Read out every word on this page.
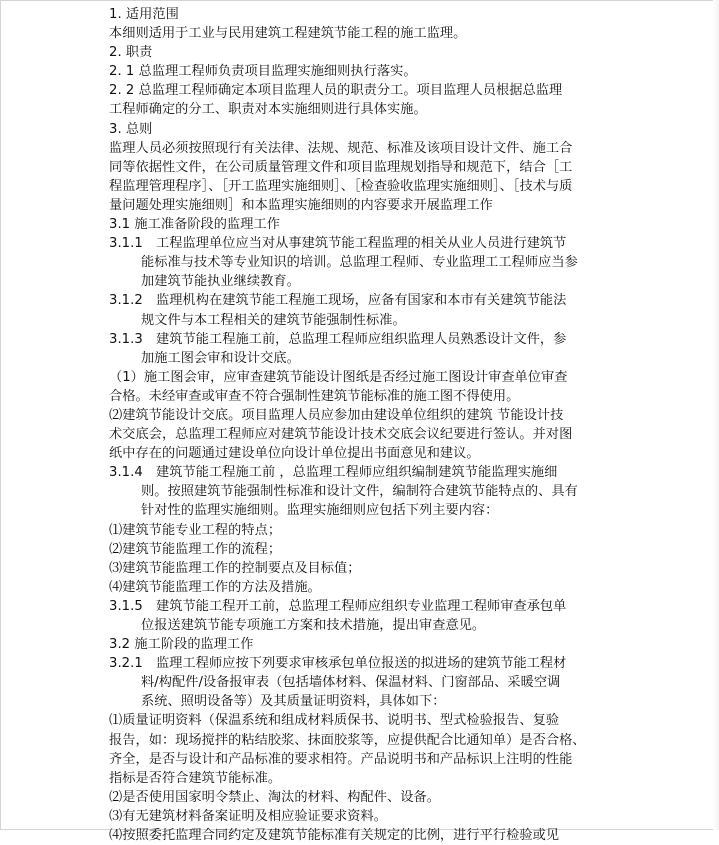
1. 适用范围
本细则适用于工业与民用建筑工程建筑节能工程的施工监理。
2. 职责
2. 1 总监理工程师负责项目监理实施细则执行落实。
2. 2 总监理工程师确定本项目监理人员的职责分工。项目监理人员根据总监理
工程师确定的分工、职责对本实施细则进行具体实施。
3. 总则
监理人员必须按照现行有关法律、法规、规范、标准及该项目设计文件、施工合
同等依据性文件，在公司质量管理文件和项目监理规划指导和规范下，结合［工
程监理管理程序］、［开工监理实施细则］、［检查验收监理实施细则］、［技术与质
量问题处理实施细则］和本监理实施细则的内容要求开展监理工作
3.1 施工准备阶段的监理工作
3.1.1　工程监理单位应当对从事建筑节能工程监理的相关从业人员进行建筑节
能标准与技术等专业知识的培训。总监理工程师、专业监理工工程师应当参
加建筑节能执业继续教育。
3.1.2　监理机构在建筑节能工程施工现场，应备有国家和本市有关建筑节能法
规文件与本工程相关的建筑节能强制性标准。
3.1.3　建筑节能工程施工前，总监理工程师应组织监理人员熟悉设计文件，参
加施工图会审和设计交底。
（1）施工图会审，应审查建筑节能设计图纸是否经过施工图设计审查单位审查
合格。未经审查或审查不符合强制性建筑节能标准的施工图不得使用。
⑵建筑节能设计交底。项目监理人员应参加由建设单位组织的建筑 节能设计技
术交底会，总监理工程师应对建筑节能设计技术交底会议纪要进行签认。并对图
纸中存在的问题通过建设单位向设计单位提出书面意见和建议。
3.1.4　建筑节能工程施工前 ，总监理工程师应组织编制建筑节能监理实施细
则。按照建筑节能强制性标准和设计文件，编制符合建筑节能特点的、具有
针对性的监理实施细则。监理实施细则应包括下列主要内容：
⑴建筑节能专业工程的特点；
⑵建筑节能监理工作的流程；
⑶建筑节能监理工作的控制要点及目标值；
⑷建筑节能监理工作的方法及措施。
3.1.5　建筑节能工程开工前，总监理工程师应组织专业监理工程师审查承包单
位报送建筑节能专项施工方案和技术措施，提出审查意见。
3.2 施工阶段的监理工作
3.2.1　监理工程师应按下列要求审核承包单位报送的拟进场的建筑节能工程材
料/构配件/设备报审表（包括墙体材料、保温材料、门窗部品、采暖空调
系统、照明设备等）及其质量证明资料，具体如下：
⑴质量证明资料（保温系统和组成材料质保书、说明书、型式检验报告、复验
报告，如：现场搅拌的粘结胶浆、抹面胶浆等，应提供配合比通知单）是否合格、
齐全，是否与设计和产品标准的要求相符。产品说明书和产品标识上注明的性能
指标是否符合建筑节能标准。
⑵是否使用国家明令禁止、淘汰的材料、构配件、设备。
⑶有无建筑材料备案证明及相应验证要求资料。
⑷按照委托监理合同约定及建筑节能标准有关规定的比例，进行平行检验或见
